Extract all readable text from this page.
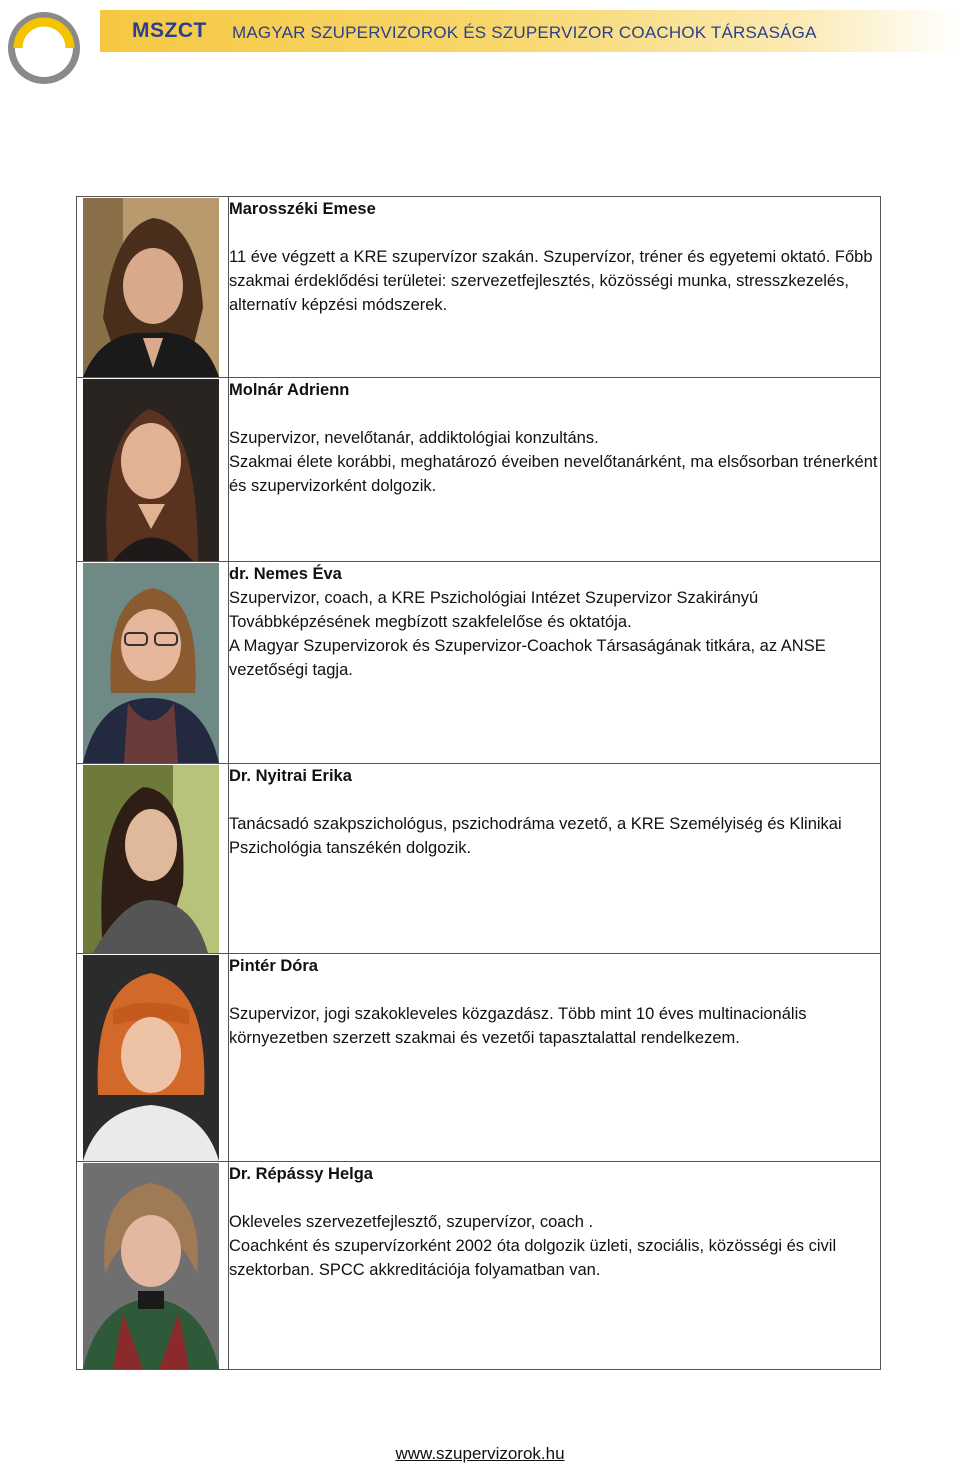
MSZCT MAGYAR SZUPERVIZOROK ÉS SZUPERVIZOR COACHOK TÁRSASÁGA

Marosszéki Emese

11 éve végzett a KRE szupervízor szakán. Szupervízor, tréner és egyetemi oktató. Főbb szakmai érdeklődési területei: szervezetfejlesztés, közösségi munka, stresszkezelés, alternatív képzési módszerek.

Molnár Adrienn

Szupervizor, nevelőtanár, addiktológiai konzultáns.

Szakmai élete korábbi, meghatározó éveiben nevelőtanárként, ma elsősorban trénerként és szupervizorként dolgozik.

dr. Nemes Éva

Szupervizor, coach, a KRE Pszichológiai Intézet Szupervizor Szakirányú Továbbképzésének megbízott szakfelelőse és oktatója.

A Magyar Szupervizorok és Szupervizor-Coachok Társaságának titkára, az ANSE vezetőségi tagja.

Dr. Nyitrai Erika

Tanácsadó szakpszichológus, pszichodráma vezető, a KRE Személyiség és Klinikai Pszichológia tanszékén dolgozik.

Pintér Dóra

Szupervizor, jogi szakokleveles közgazdász. Több mint 10 éves multinacionális környezetben szerzett szakmai és vezetői tapasztalattal rendelkezem.

Dr. Répássy Helga

Okleveles szervezetfejlesztő, szupervízor, coach .

Coachként és szupervízorként 2002 óta dolgozik üzleti, szociális, közösségi és civil szektorban. SPCC akkreditációja folyamatban van.

www.szupervizorok.hu
